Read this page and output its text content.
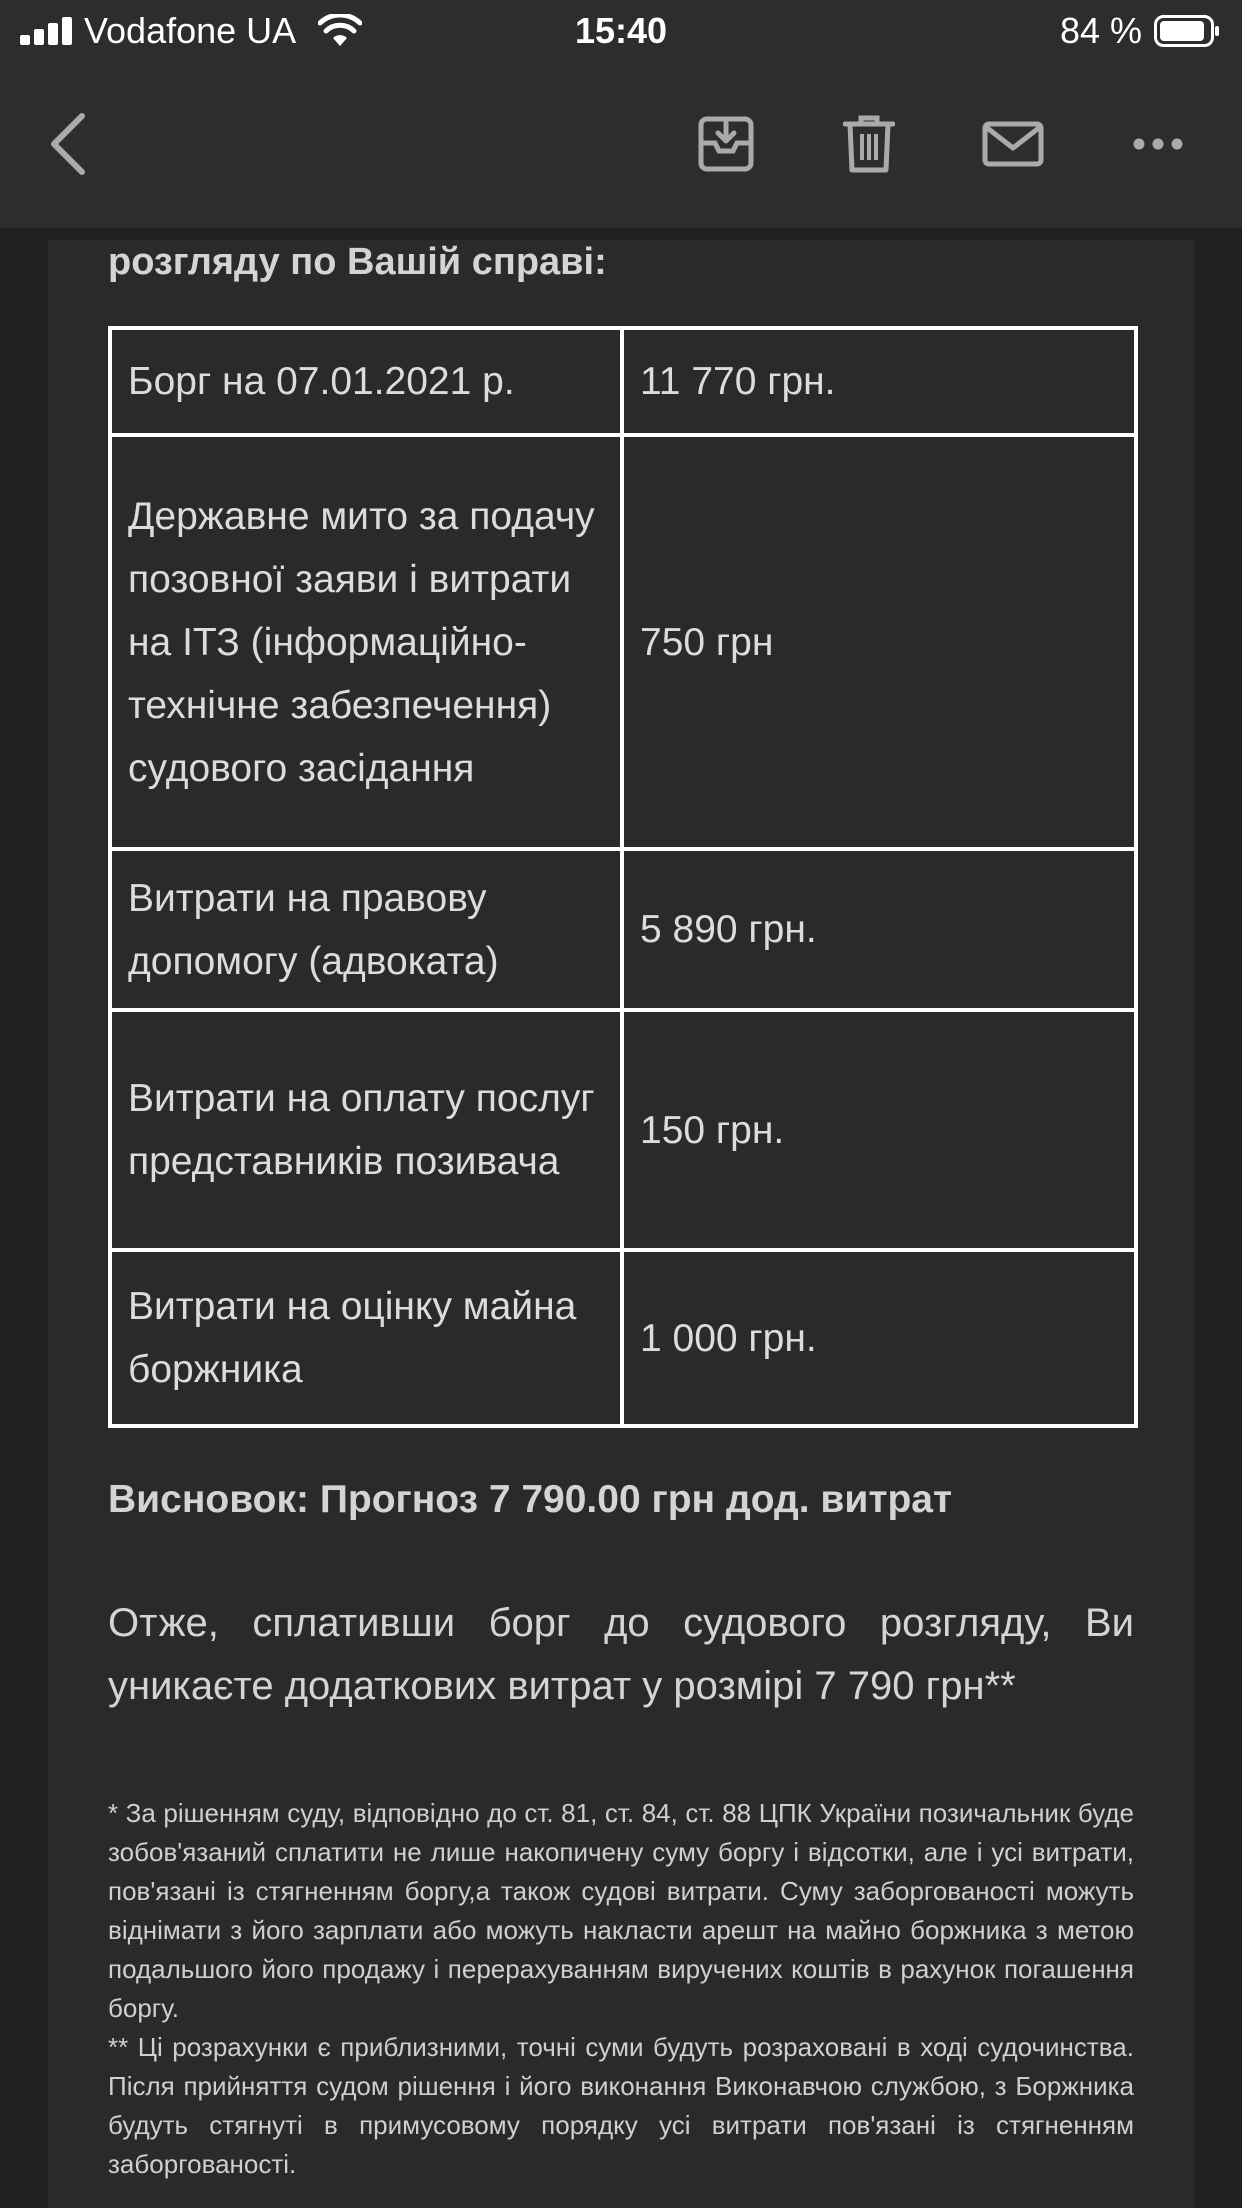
Vodafone UA	15:40	84 %
розгляду по Вашій справі:
Борг на 07.01.2021 р.	11 770 грн.
Державне мито за подачу позовної заяви і витрати на ІТЗ (інформаційно-технічне забезпечення) судового засідання	750 грн
Витрати на правову допомогу (адвоката)	5 890 грн.
Витрати на оплату послуг представників позивача	150 грн.
Витрати на оцінку майна боржника	1 000 грн.
Висновок: Прогноз 7 790.00 грн дод. витрат
Отже, сплативши борг до судового розгляду, Ви уникаєте додаткових витрат у розмірі 7 790 грн**

* За рішенням суду, відповідно до ст. 81, ст. 84, ст. 88 ЦПК України позичальник буде зобов'язаний сплатити не лише накопичену суму боргу і відсотки, але і усі витрати, пов'язані із стягненням боргу,а також судові витрати. Суму заборгованості можуть віднімати з його зарплати або можуть накласти арешт на майно боржника з метою подальшого його продажу і перерахуванням виручених коштів в рахунок погашення боргу.

** Ці розрахунки є приблизними, точні суми будуть розраховані в ході судочинства. Після прийняття судом рішення і його виконання Виконавчою службою, з Боржника будуть стягнуті в примусовому порядку усі витрати пов'язані із стягненням заборгованості.
